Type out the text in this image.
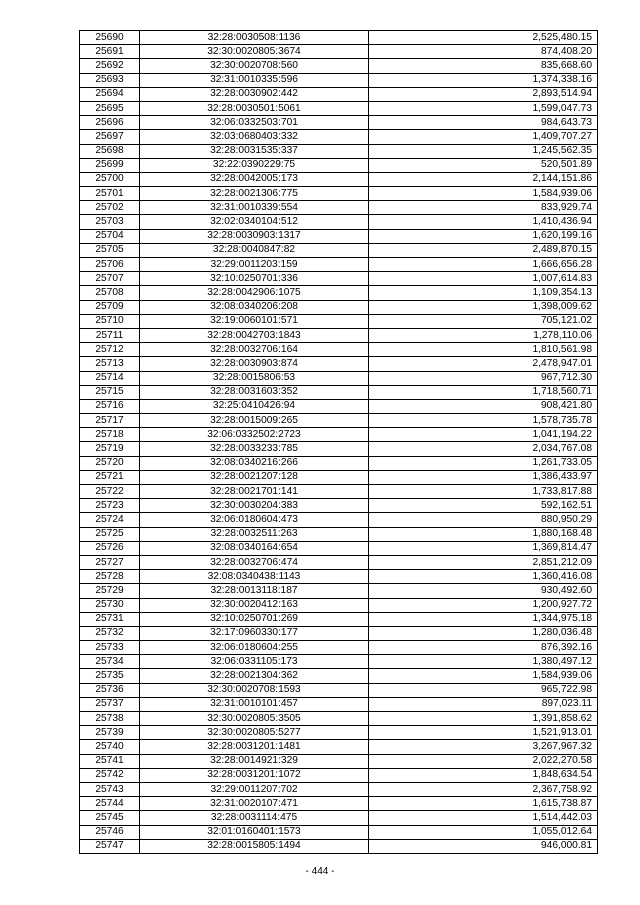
25690	32:28:0030508:1136	2,525,480.15
25691	32:30:0020805:3674	874,408.20
25692	32:30:0020708:560	835,668.60
25693	32:31:0010335:596	1,374,338.16
25694	32:28:0030902:442	2,893,514.94
25695	32:28:0030501:5061	1,599,047.73
25696	32:06:0332503:701	984,643.73
25697	32:03:0680403:332	1,409,707.27
25698	32:28:0031535:337	1,245,562.35
25699	32:22:0390229:75	520,501.89
25700	32:28:0042005:173	2,144,151.86
25701	32:28:0021306:775	1,584,939.06
25702	32:31:0010339:554	833,929.74
25703	32:02:0340104:512	1,410,436.94
25704	32:28:0030903:1317	1,620,199.16
25705	32:28:0040847:82	2,489,870.15
25706	32:29:0011203:159	1,666,656.28
25707	32:10:0250701:336	1,007,614.83
25708	32:28:0042906:1075	1,109,354.13
25709	32:08:0340206:208	1,398,009.62
25710	32:19:0060101:571	705,121.02
25711	32:28:0042703:1843	1,278,110.06
25712	32:28:0032706:164	1,810,561.98
25713	32:28:0030903:874	2,478,947.01
25714	32:28:0015806:53	967,712.30
25715	32:28:0031603:352	1,718,560.71
25716	32:25:0410426:94	908,421.80
25717	32:28:0015009:265	1,578,735.78
25718	32:06:0332502:2723	1,041,194.22
25719	32:28:0033233:785	2,034,767.08
25720	32:08:0340216:266	1,261,733.05
25721	32:28:0021207:128	1,386,433.97
25722	32:28:0021701:141	1,733,817.88
25723	32:30:0030204:383	592,162.51
25724	32:06:0180604:473	880,950.29
25725	32:28:0032511:263	1,880,168.48
25726	32:08:0340164:654	1,369,814.47
25727	32:28:0032706:474	2,851,212.09
25728	32:08:0340438:1143	1,360,416.08
25729	32:28:0013118:187	930,492.60
25730	32:30:0020412:163	1,200,927.72
25731	32:10:0250701:269	1,344,975.18
25732	32:17:0960330:177	1,280,036.48
25733	32:06:0180604:255	876,392.16
25734	32:06:0331105:173	1,380,497.12
25735	32:28:0021304:362	1,584,939.06
25736	32:30:0020708:1593	965,722.98
25737	32:31:0010101:457	897,023.11
25738	32:30:0020805:3505	1,391,858.62
25739	32:30:0020805:5277	1,521,913.01
25740	32:28:0031201:1481	3,267,967.32
25741	32:28:0014921:329	2,022,270.58
25742	32:28:0031201:1072	1,848,634.54
25743	32:29:0011207:702	2,367,758.92
25744	32:31:0020107:471	1,615,738.87
25745	32:28:0031114:475	1,514,442.03
25746	32:01:0160401:1573	1,055,012.64
25747	32:28:0015805:1494	946,000.81
- 444 -
